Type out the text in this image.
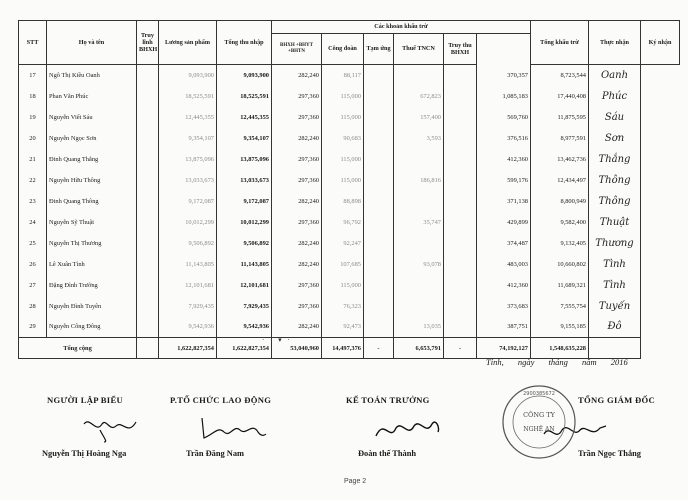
STT	Họ và tên	Truy lĩnh BHXH	Lương sản phẩm	Tổng thu nhập	Các khoản khấu trừ						Tổng khấu trừ	Thực nhận	Ký nhận
					BHXH +BHYT +BHTN	Công đoàn	Tạm ứng	Thuế TNCN	Truy thu BHXH				
17	Ngô Thị Kiều Oanh		9,093,900	9,093,900	282,240	88,117				370,357	8,723,544	Oanh	
18	Phan Văn Phúc		18,525,591	18,525,591	297,360	115,000		672,823		1,085,183	17,440,408	Phúc	
19	Nguyễn Viết Sáu		12,445,355	12,445,355	297,360	115,000		157,400		569,760	11,875,595	Sáu	
20	Nguyễn Ngọc Sơn		9,354,107	9,354,107	282,240	90,683		3,593		376,516	8,977,591	Sơn	
21	Đinh Quang Thắng		13,875,096	13,875,096	297,360	115,000				412,360	13,462,736	Thắng	
22	Nguyễn Hữu Thông		13,033,673	13,033,673	297,360	115,000		186,816		599,176	12,434,497	Thông	
23	Đinh Quang Thông		9,172,087	9,172,087	282,240	88,898				371,138	8,800,949	Thông	
24	Nguyễn Sỹ Thuật		10,012,299	10,012,299	297,360	96,792		35,747		429,899	9,582,400	Thuật	
25	Nguyễn Thị Thương		9,506,892	9,506,892	282,240	92,247				374,487	9,132,405	Thương	
26	Lê Xuân Tình		11,143,805	11,143,805	282,240	107,685		93,078		483,003	10,660,802	Tình	
27	Đặng Đình Trường		12,101,681	12,101,681	297,360	115,000				412,360	11,689,321	Tình	
28	Nguyễn Đình Tuyên		7,929,435	7,929,435	297,360	76,323				373,683	7,555,754	Tuyến	
29	Nguyễn Công Đông		9,542,936	9,542,936	282,240	92,473		13,035		387,751	9,155,185	Đô	
Tổng cộng			1,622,827,354	1,622,827,354	53,040,960	14,497,376	-	6,653,791	-	74,192,127	1,548,635,228		
· · ▾ ·
Tỉnh, ngày tháng năm 2016
NGƯỜI LẬP BIỂU	P.TỔ CHỨC LAO ĐỘNG	KẾ TOÁN TRƯỞNG	TỔNG GIÁM ĐỐC
CÔNG TY
NGHỆ AN
2900385672
Nguyễn Thị Hoàng Nga	Trần Đăng Nam	Đoàn thế Thành	Trần Ngọc Thắng
Page 2
